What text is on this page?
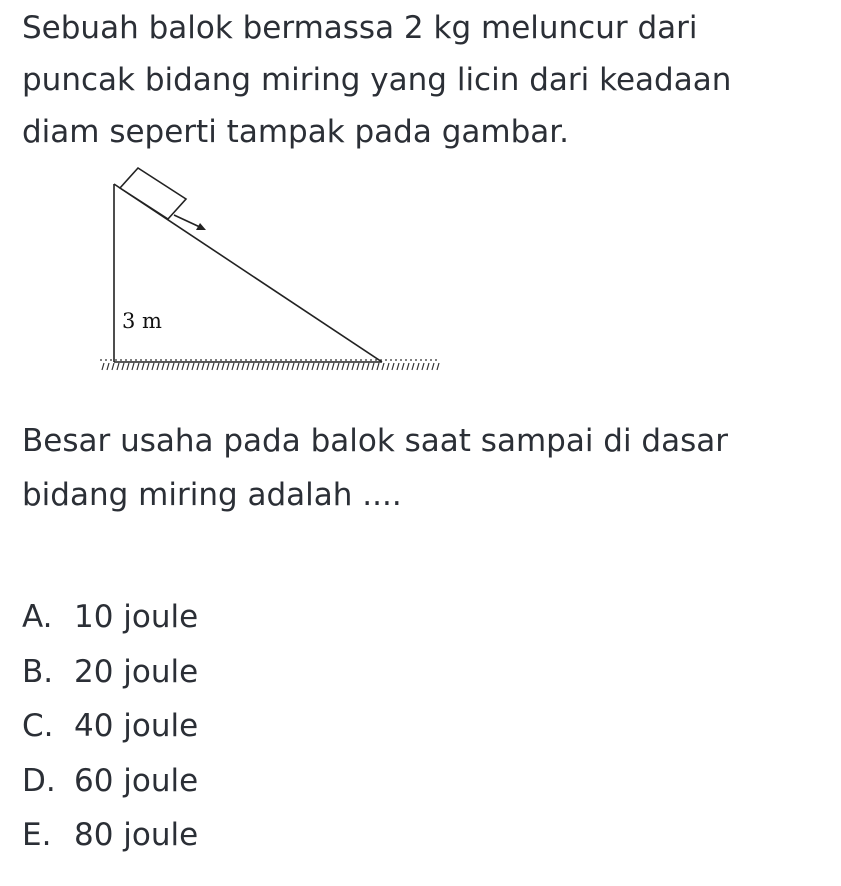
Sebuah balok bermassa 2 kg meluncur dari
puncak bidang miring yang licin dari keadaan
diam seperti tampak pada gambar.
3 m
Besar usaha pada balok saat sampai di dasar
bidang miring adalah ....
A. 10 joule
B. 20 joule
C. 40 joule
D. 60 joule
E. 80 joule
